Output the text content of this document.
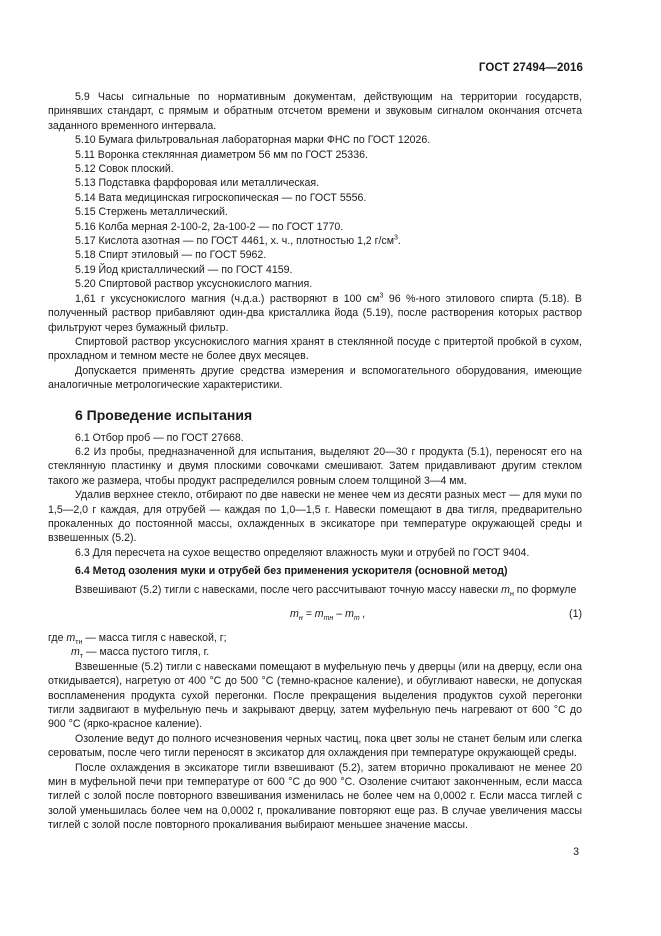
ГОСТ 27494—2016

5.9 Часы сигнальные по нормативным документам, действующим на территории государств, принявших стандарт, с прямым и обратным отсчетом времени и звуковым сигналом окончания отсчета заданного временного интервала.

5.10 Бумага фильтровальная лабораторная марки ФНС по ГОСТ 12026.

5.11 Воронка стеклянная диаметром 56 мм по ГОСТ 25336.

5.12 Совок плоский.

5.13 Подставка фарфоровая или металлическая.

5.14 Вата медицинская гигроскопическая — по ГОСТ 5556.

5.15 Стержень металлический.

5.16 Колба мерная 2-100-2, 2а-100-2 — по ГОСТ 1770.

5.17 Кислота азотная — по ГОСТ 4461, х. ч., плотностью 1,2 $г/см^3$.

5.18 Спирт этиловый — по ГОСТ 5962.

5.19 Йод кристаллический — по ГОСТ 4159.

5.20 Спиртовой раствор уксуснокислого магния.

1,61 г уксуснокислого магния (ч.д.а.) растворяют в 100 $см^3$ 96 %-ного этилового спирта (5.18). В полученный раствор прибавляют один-два кристаллика йода (5.19), после растворения которых раствор фильтруют через бумажный фильтр.

Спиртовой раствор уксуснокислого магния хранят в стеклянной посуде с притертой пробкой в сухом, прохладном и темном месте не более двух месяцев.

Допускается применять другие средства измерения и вспомогательного оборудования, имеющие аналогичные метрологические характеристики.

6 Проведение испытания

6.1 Отбор проб — по ГОСТ 27668.

6.2 Из пробы, предназначенной для испытания, выделяют 20—30 г продукта (5.1), переносят его на стеклянную пластинку и двумя плоскими совочками смешивают. Затем придавливают другим стеклом такого же размера, чтобы продукт распределился ровным слоем толщиной 3—4 мм.

Удалив верхнее стекло, отбирают по две навески не менее чем из десяти разных мест — для муки по 1,5—2,0 г каждая, для отрубей — каждая по 1,0—1,5 г. Навески помещают в два тигля, предварительно прокаленных до постоянной массы, охлажденных в эксикаторе при температуре окружающей среды и взвешенных (5.2).

6.3 Для пересчета на сухое вещество определяют влажность муки и отрубей по ГОСТ 9404.

6.4 Метод озоления муки и отрубей без применения ускорителя (основной метод)

Взвешивают (5.2) тигли с навесками, после чего рассчитывают точную массу навески $m_н$ по формуле

$m_н = m_{тн} - m_т$ ,	(1)

где $m_{тн}$ — масса тигля с навеской, г;

$m_т$ — масса пустого тигля, г.

Взвешенные (5.2) тигли с навесками помещают в муфельную печь у дверцы (или на дверцу, если она откидывается), нагретую от 400 °С до 500 °С (темно-красное каление), и обугливают навески, не допуская воспламенения продукта сухой перегонки. После прекращения выделения продуктов сухой перегонки тигли задвигают в муфельную печь и закрывают дверцу, затем муфельную печь нагревают от 600 °С до 900 °С (ярко-красное каление).

Озоление ведут до полного исчезновения черных частиц, пока цвет золы не станет белым или слегка сероватым, после чего тигли переносят в эксикатор для охлаждения при температуре окружающей среды.

После охлаждения в эксикаторе тигли взвешивают (5.2), затем вторично прокаливают не менее 20 мин в муфельной печи при температуре от 600 °С до 900 °С. Озоление считают законченным, если масса тиглей с золой после повторного взвешивания изменилась не более чем на 0,0002 г. Если масса тиглей с золой уменьшилась более чем на 0,0002 г, прокаливание повторяют еще раз. В случае увеличения массы тиглей с золой после повторного прокаливания выбирают меньшее значение массы.

3
